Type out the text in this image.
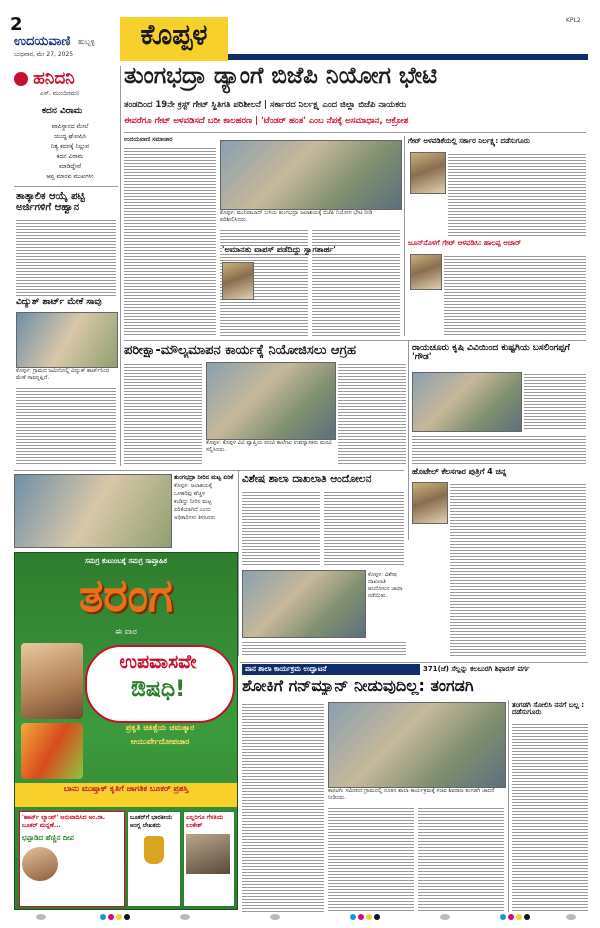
2
ಉದಯವಾಣಿ ಹುಬ್ಬಳ್ಳಿ
ಬುಧವಾರ, ಮೇ 27, 2025
ಕೊಪ್ಪಳ	KPL2
ಹನಿದನಿ
ಎಸ್. ಮುಂದಿನಮನಿ
ಕದನ ವಿರಾಮ
ಪಾಪಿಸ್ಥಾನದ ಮೇಲೆ
ಯುದ್ಧ ಘೋಷಿಸಿ
ನಿತ್ಯ ಕದನಕ್ಕೆ ನಿಲ್ಲುವ
ಕದನ ವಿರಾಮ
ಮಾಡಿದ್ದೇವೆ
ಆಪ್ತ ಮಾನವ ಮುಖಗಳು
ತಾತ್ಕಾಲಿಕ ಆಯ್ಕೆ ಪಟ್ಟಿ ಅರ್ಜಿಗಳಿಗೆ ಆಹ್ವಾನ
ವಿದ್ಯುತ್ ಶಾರ್ಟ್‌ ಮೇಕೆ ಸಾವು
ಕೊಪ್ಪಳ: ಗ್ರಾಮದ ಜಮೀನಿನಲ್ಲಿ ವಿದ್ಯುತ್ ಶಾರ್ಟ್‌ನಿಂದ ಮೇಕೆ ಸಾವನ್ನಪ್ಪಿದೆ.
ತುಂಗಭದ್ರಾ ಡ್ಯಾಂಗೆ ಬಿಜೆಪಿ ನಿಯೋಗ ಭೇಟಿ
ತಂಡದಿಂದ 19ನೇ ಕ್ರಸ್ಟ್ ಗೇಟ್ ಸ್ಥಿತಿಗತಿ ಪರಿಶೀಲನೆ | ಸರ್ಕಾರದ ನಿರ್ಲಕ್ಷ್ಯ ಎಂದ ಜಿಲ್ಲಾ ಬಿಜೆಪಿ ನಾಯಕರು
ಈವರೆಗೂ ಗೇಟ್ ಅಳವಡಿಸದೆ ಬರೀ ಕಾಲಹರಣ | 'ಟೆಂಡರ್ ಹಂತ' ಎಂಬ ನೆಪಕ್ಕೆ ಅಸಮಾಧಾನ, ಆಕ್ರೋಶ
ಉದಯವಾಣಿ ಸಮಾಚಾರ
ಕೊಪ್ಪಳ: ಮುನಿರಾಬಾದ್ ಬಳಿಯ ತುಂಗಭದ್ರಾ ಜಲಾಶಯಕ್ಕೆ ಬಿಜೆಪಿ ನಿಯೋಗ ಭೇಟಿ ನೀಡಿ ಪರಿಶೀಲಿಸಿದರು.
'ಅಮಾನತು ವಾಪಸ್ ಪಡೆದಿದ್ದು ಸ್ವಾಗತಾರ್ಹ'
ಗೇಟ್ ಅಳವಡಿಕೆಯಲ್ಲಿ ಸರ್ಕಾರ ನಿರ್ಲಕ್ಷ್ಯ: ದಡೆಸುಗೂರು
ಜೂನ್‌ನೊಳಗೆ ಗೇಟ್ ಅಳವಡಿಸಿ: ಹಾಲಪ್ಪ ಆಚಾರ್
ಪರೀಕ್ಷಾ-ಮೌಲ್ಯಮಾಪನ ಕಾರ್ಯಕ್ಕೆ ನಿಯೋಜಿಸಲು ಆಗ್ರಹ
ಕೊಪ್ಪಳ: ಕೊಪ್ಪಳ ವಿವಿ ವ್ಯಾಪ್ತಿಯ ಪದವಿ ಕಾಲೇಜು ಉಪನ್ಯಾಸಕರು ಮನವಿ ಸಲ್ಲಿಸಿದರು.
ರಾಯಚೂರು ಕೃಷಿ ವಿವಿಯಿಂದ ಕುಷ್ಟಗಿಯ ಬಸಲಿಂಗಪ್ಪಗೆ 'ಗೌಡ'
ಹೊಟೇಲ್ ಕೆಲಸಗಾರ ಪುತ್ರಿಗೆ 4 ಚಿನ್ನ
ತುಂಗಭದ್ರಾ ನೀರಿನ ಮಟ್ಟ ಏರಿಕೆ
ಕೊಪ್ಪಳ: ಜಲಾಶಯಕ್ಕೆ
ಒಳಹರಿವು ಹೆಚ್ಚಳ
ಕಂಡಿದ್ದು ನೀರಿನ ಮಟ್ಟ
ಏರಿಕೆಯಾಗಿದೆ ಎಂದು
ಅಧಿಕಾರಿಗಳು ತಿಳಿಸಿದರು
ವಿಶೇಷ ಶಾಲಾ ದಾಖಲಾತಿ ಆಂದೋಲನ
ಕೊಪ್ಪಳ: ವಿಶೇಷ ದಾಖಲಾತಿ ಆಂದೋಲನ ಜಾಥಾ ನಡೆಯಿತು.
ಸಮಗ್ರ ಕುಟುಂಬಕ್ಕೆ ಸಮಗ್ರ ಸಾಪ್ತಾಹಿಕ
ತರಂಗ
ಈ ವಾರ
ಉಪವಾಸವೇ
ಔಷಧಿ!
ಪ್ರಕೃತಿ ಚಿಕಿತ್ಸೆಯ ಚಮತ್ಕಾರ
ಆಯುರ್ವೇದೋಪಚಾರ
ಬಾನು ಮುಷ್ತಾಕ್ ಕೃತಿಗೆ ಜಾಗತಿಕ ಬೂಕರ್ ಪ್ರಶಸ್ತಿ
'ಹಾರ್ಟ್ ಲ್ಯಾಂಪ್' ಅನುವಾದಿಸಿದ ಅಂ.ರಾ. ಬೂಕರ್ ಮನ್ನಣೆ...
ಛಪ್ಪಾಡಿದ ಹೆಣ್ಣಿನ ದೀಪ
ಬೂಕರ್‌ಗೆ ಭಾರತೀಯ ಅಂಗ್ಲ ಲೇಖಕರು
ಎಲ್ಲರಿಗೂ ಗೆಳತಿಯ ಲಂಕೇಶ್
ಪಾನ ಶಾಲಾ ಕಾರ್ಯಕ್ರಮ ಉದ್ಘಾಟನೆ	371(ಜೆ) ಸೆಲ್ಲನ್ನು ಕಲಬುರಗಿ ಶಿಫಾರಸ್ ವರ್ಗ
ಶೋಕಿಗೆ ಗನ್‌ಮ್ಯಾನ್ ನೀಡುವುದಿಲ್ಲ: ತಂಗಡಗಿ
ಕಾರಟಗಿ: ಸಮೀಪದ ಗ್ರಾಮದಲ್ಲಿ ನೂತನ ಶಾಲಾ ಕಾರ್ಯಕ್ರಮಕ್ಕೆ ಸಚಿವ ಶಿವರಾಜ ತಂಗಡಗಿ ಚಾಲನೆ ನೀಡಿದರು.
ತಂಗಡಗಿ ಸೋಲಿಸಿ ನನಗೆ ಬಲ್ಲ : ದಡೆಸುಗೂರು
